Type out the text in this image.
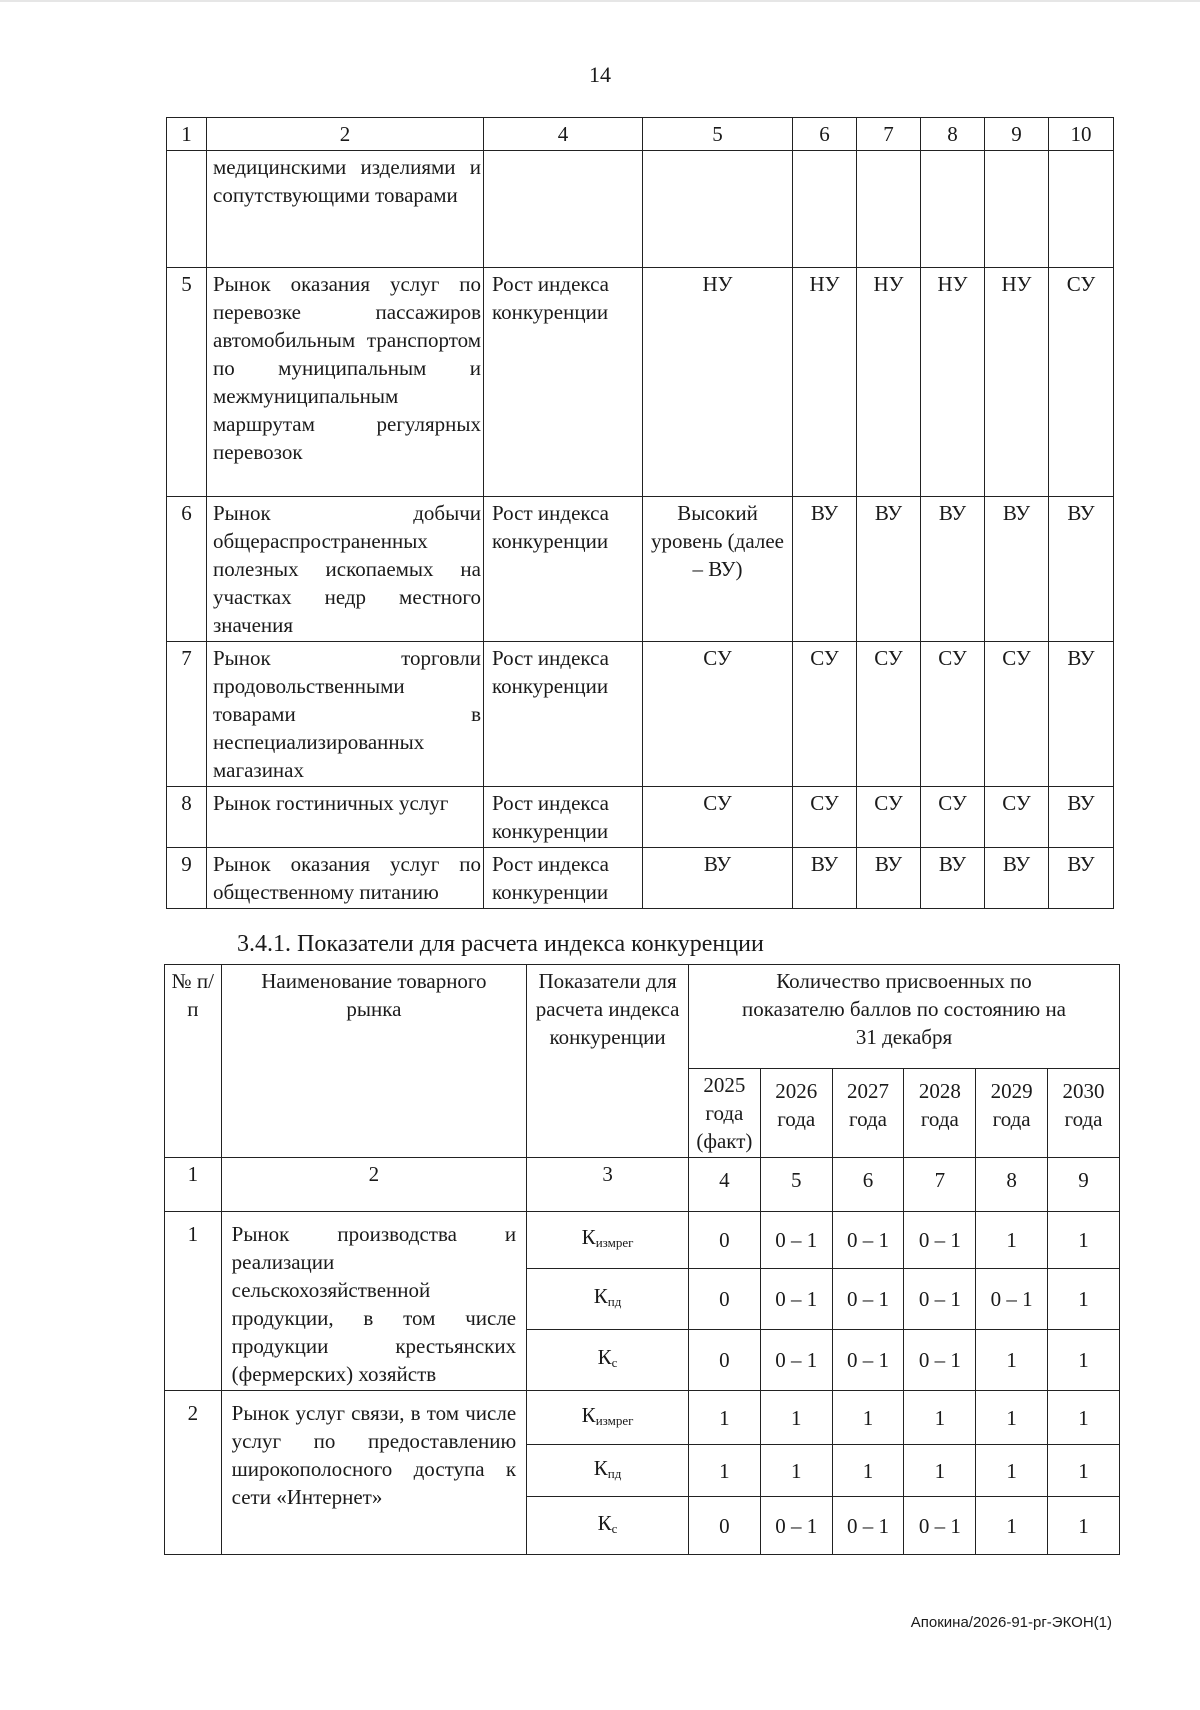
14
1	2	4	5	6	7	8	9	10
	медицинскими изделиями и сопутствующими товарами							
5	Рынок оказания услуг по перевозке пассажиров автомобильным транспортом по муниципальным и межмуниципальным маршрутам регулярных перевозок	Рост индекса конкуренции	НУ	НУ	НУ	НУ	НУ	СУ
6	Рынок добычи общераспространенных полезных ископаемых на участках недр местного значения	Рост индекса конкуренции	Высокий уровень (далее – ВУ)	ВУ	ВУ	ВУ	ВУ	ВУ
7	Рынок торговли продовольственными товарами в неспециализированных магазинах	Рост индекса конкуренции	СУ	СУ	СУ	СУ	СУ	ВУ
8	Рынок гостиничных услуг	Рост индекса конкуренции	СУ	СУ	СУ	СУ	СУ	ВУ
9	Рынок оказания услуг по общественному питанию	Рост индекса конкуренции	ВУ	ВУ	ВУ	ВУ	ВУ	ВУ
3.4.1. Показатели для расчета индекса конкуренции
№ п/п	Наименование товарного рынка	Показатели для расчета индекса конкуренции	Количество присвоенных по показателю баллов по состоянию на 31 декабря					
			2025 года (факт)	2026 года	2027 года	2028 года	2029 года	2030 года
1	2	3	4	5	6	7	8	9
1	Рынок производства и реализации сельскохозяйственной продукции, в том числе продукции крестьянских (фермерских) хозяйств	$К_{измрег}$	0	0 – 1	0 – 1	0 – 1	1	1
		$К_{пд}$	0	0 – 1	0 – 1	0 – 1	0 – 1	1
		$К_с$	0	0 – 1	0 – 1	0 – 1	1	1
2	Рынок услуг связи, в том числе услуг по предоставлению широкополосного доступа к сети «Интернет»	$К_{измрег}$	1	1	1	1	1	1
		$К_{пд}$	1	1	1	1	1	1
		$К_с$	0	0 – 1	0 – 1	0 – 1	1	1
Апокина/2026-91-рг-ЭКОН(1)
